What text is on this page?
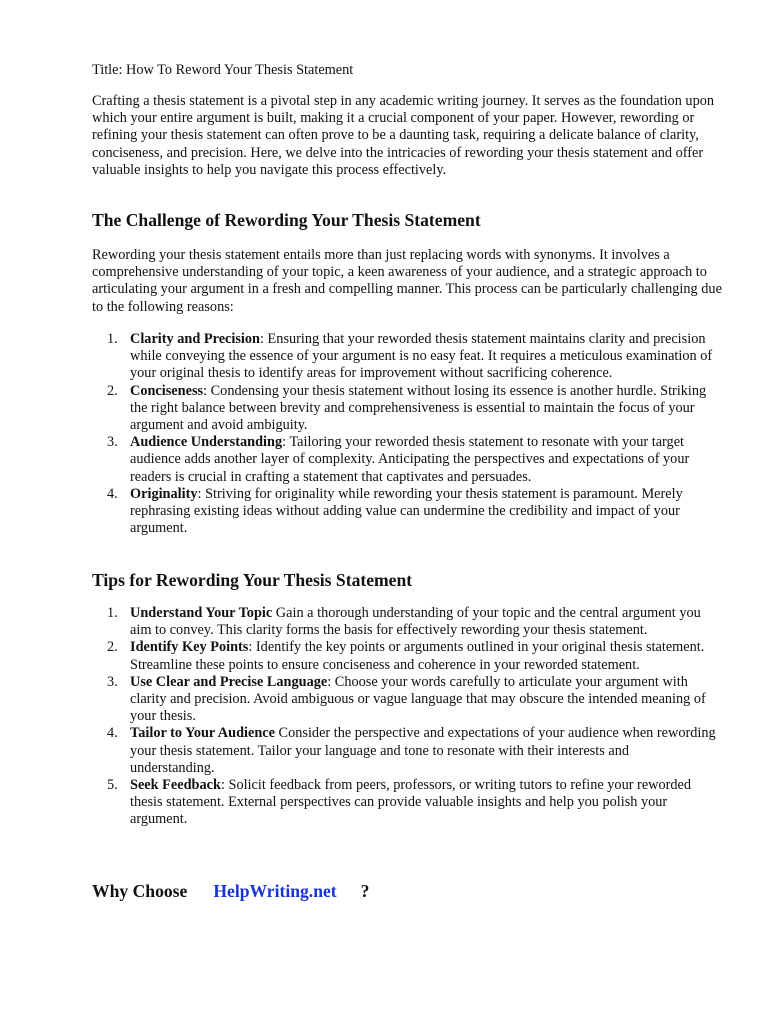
Title: How To Reword Your Thesis Statement

Crafting a thesis statement is a pivotal step in any academic writing journey. It serves as the foundation upon which your entire argument is built, making it a crucial component of your paper. However, rewording or refining your thesis statement can often prove to be a daunting task, requiring a delicate balance of clarity, conciseness, and precision. Here, we delve into the intricacies of rewording your thesis statement and offer valuable insights to help you navigate this process effectively.

The Challenge of Rewording Your Thesis Statement
Rewording your thesis statement entails more than just replacing words with synonyms. It involves a comprehensive understanding of your topic, a keen awareness of your audience, and a strategic approach to articulating your argument in a fresh and compelling manner. This process can be particularly challenging due to the following reasons:
1. Clarity and Precision: Ensuring that your reworded thesis statement maintains clarity and precision while conveying the essence of your argument is no easy feat. It requires a meticulous examination of your original thesis to identify areas for improvement without sacrificing coherence.
2. Conciseness: Condensing your thesis statement without losing its essence is another hurdle. Striking the right balance between brevity and comprehensiveness is essential to maintain the focus of your argument and avoid ambiguity.
3. Audience Understanding: Tailoring your reworded thesis statement to resonate with your target audience adds another layer of complexity. Anticipating the perspectives and expectations of your readers is crucial in crafting a statement that captivates and persuades.
4. Originality: Striving for originality while rewording your thesis statement is paramount. Merely rephrasing existing ideas without adding value can undermine the credibility and impact of your argument.
Tips for Rewording Your Thesis Statement
1. Understand Your Topic Gain a thorough understanding of your topic and the central argument you aim to convey. This clarity forms the basis for effectively rewording your thesis statement.
2. Identify Key Points: Identify the key points or arguments outlined in your original thesis statement. Streamline these points to ensure conciseness and coherence in your reworded statement.
3. Use Clear and Precise Language: Choose your words carefully to articulate your argument with clarity and precision. Avoid ambiguous or vague language that may obscure the intended meaning of your thesis.
4. Tailor to Your Audience Consider the perspective and expectations of your audience when rewording your thesis statement. Tailor your language and tone to resonate with their interests and understanding.
5. Seek Feedback: Solicit feedback from peers, professors, or writing tutors to refine your reworded thesis statement. External perspectives can provide valuable insights and help you polish your argument.
Why Choose HelpWriting.net ?
